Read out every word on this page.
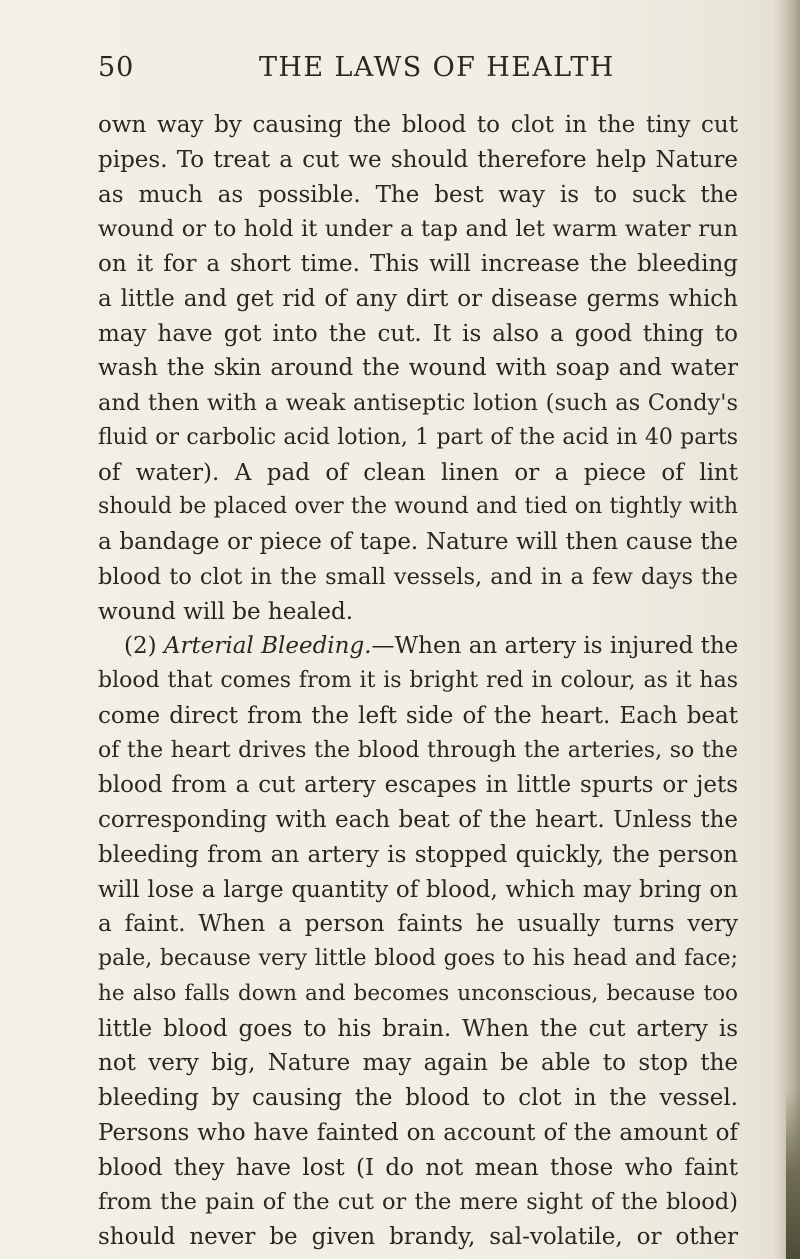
50	THE LAWS OF HEALTH
own way by causing the blood to clot in the tiny cut
pipes. To treat a cut we should therefore help Nature
as much as possible. The best way is to suck the
wound or to hold it under a tap and let warm water run
on it for a short time. This will increase the bleeding
a little and get rid of any dirt or disease germs which
may have got into the cut. It is also a good thing to
wash the skin around the wound with soap and water
and then with a weak antiseptic lotion (such as Condy's
fluid or carbolic acid lotion, 1 part of the acid in 40 parts
of water). A pad of clean linen or a piece of lint
should be placed over the wound and tied on tightly with
a bandage or piece of tape. Nature will then cause the
blood to clot in the small vessels, and in a few days the
wound will be healed.
(2) Arterial Bleeding.—When an artery is injured the
blood that comes from it is bright red in colour, as it has
come direct from the left side of the heart. Each beat
of the heart drives the blood through the arteries, so the
blood from a cut artery escapes in little spurts or jets
corresponding with each beat of the heart. Unless the
bleeding from an artery is stopped quickly, the person
will lose a large quantity of blood, which may bring on
a faint. When a person faints he usually turns very
pale, because very little blood goes to his head and face;
he also falls down and becomes unconscious, because too
little blood goes to his brain. When the cut artery is
not very big, Nature may again be able to stop the
bleeding by causing the blood to clot in the vessel.
Persons who have fainted on account of the amount of
blood they have lost (I do not mean those who faint
from the pain of the cut or the mere sight of the blood)
should never be given brandy, sal-volatile, or other
